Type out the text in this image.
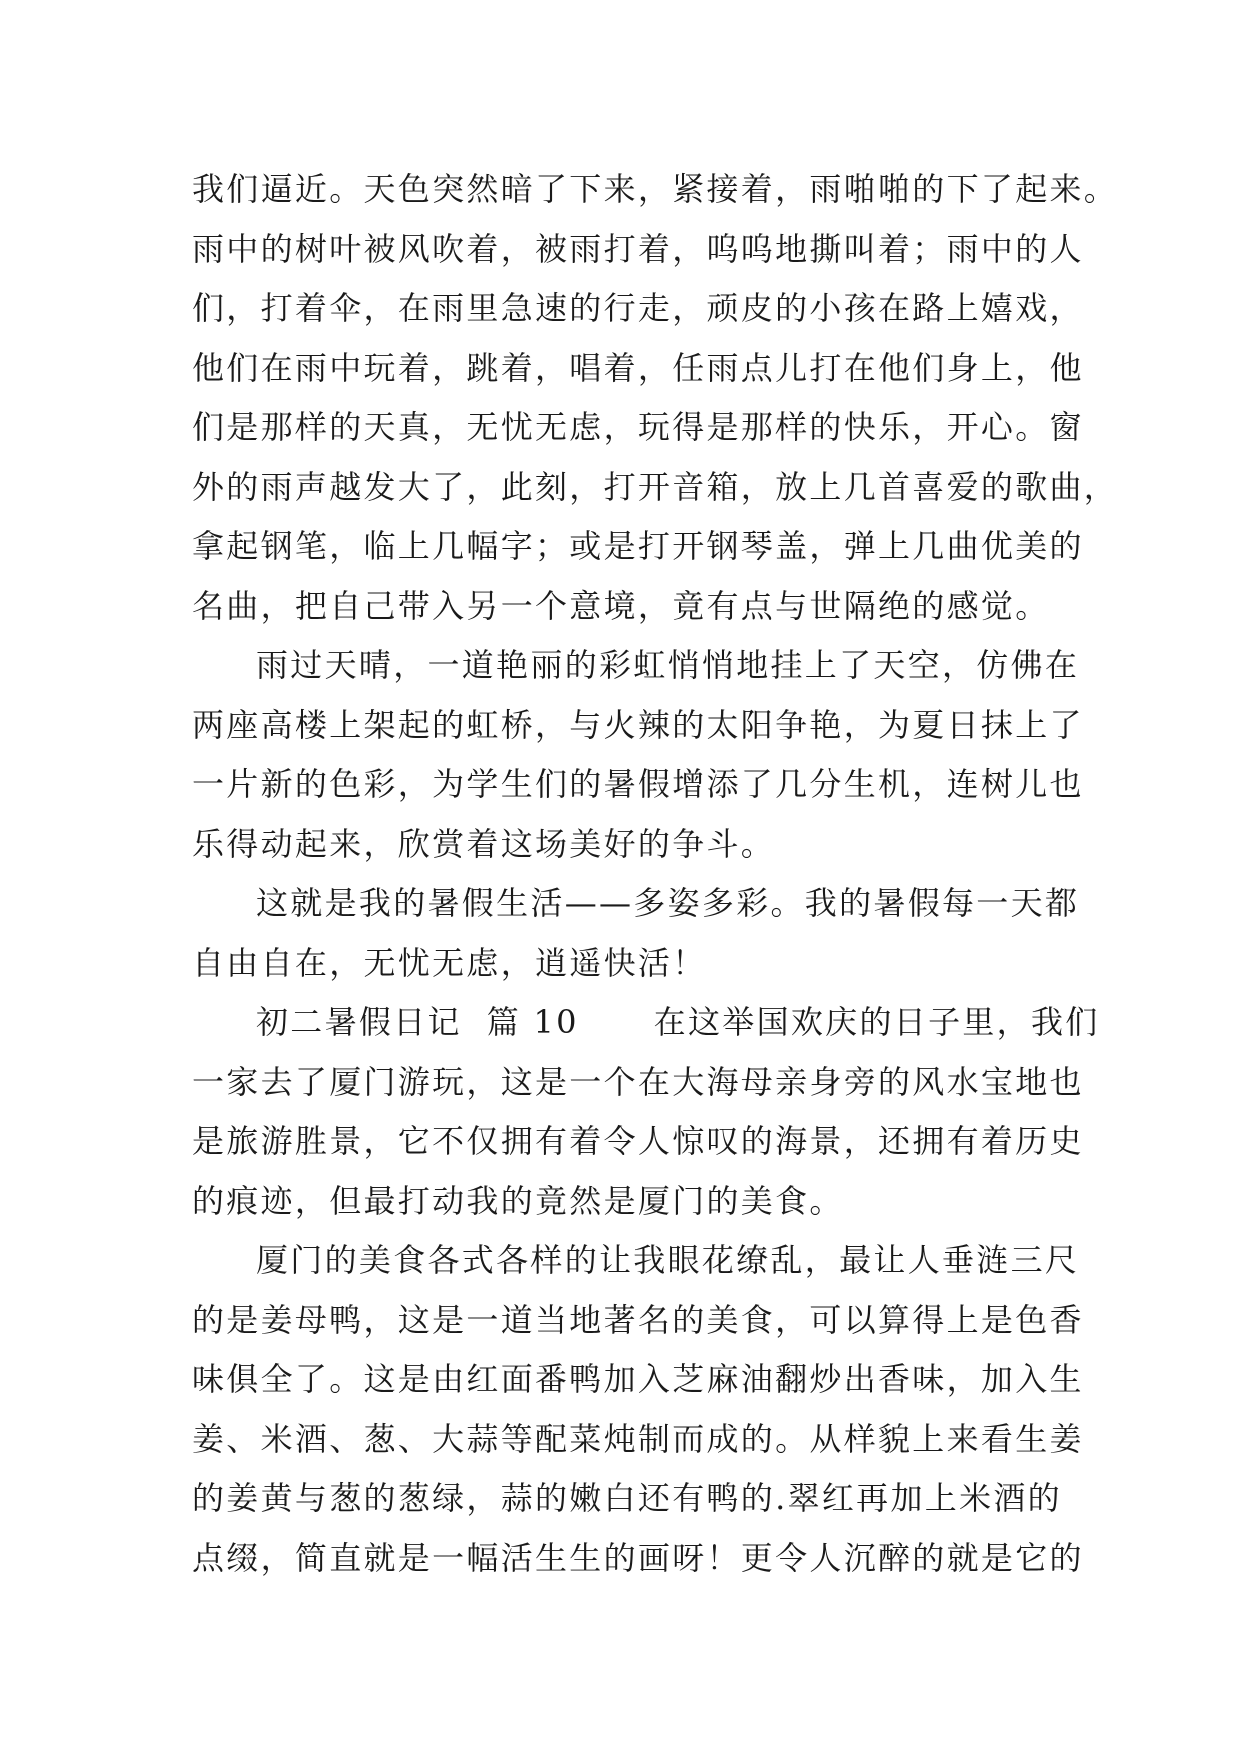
我们逼近。天色突然暗了下来，紧接着，雨啪啪的下了起来。
雨中的树叶被风吹着，被雨打着，呜呜地撕叫着；雨中的人
们，打着伞，在雨里急速的行走，顽皮的小孩在路上嬉戏，
他们在雨中玩着，跳着，唱着，任雨点儿打在他们身上，他
们是那样的天真，无忧无虑，玩得是那样的快乐，开心。窗
外的雨声越发大了，此刻，打开音箱，放上几首喜爱的歌曲，
拿起钢笔，临上几幅字；或是打开钢琴盖，弹上几曲优美的
名曲，把自己带入另一个意境，竟有点与世隔绝的感觉。
雨过天晴，一道艳丽的彩虹悄悄地挂上了天空，仿佛在
两座高楼上架起的虹桥，与火辣的太阳争艳，为夏日抹上了
一片新的色彩，为学生们的暑假增添了几分生机，连树儿也
乐得动起来，欣赏着这场美好的争斗。
这就是我的暑假生活——多姿多彩。我的暑假每一天都
自由自在，无忧无虑，逍遥快活！
初二暑假日记  篇 10      在这举国欢庆的日子里，我们
一家去了厦门游玩，这是一个在大海母亲身旁的风水宝地也
是旅游胜景，它不仅拥有着令人惊叹的海景，还拥有着历史
的痕迹，但最打动我的竟然是厦门的美食。
厦门的美食各式各样的让我眼花缭乱，最让人垂涟三尺
的是姜母鸭，这是一道当地著名的美食，可以算得上是色香
味俱全了。这是由红面番鸭加入芝麻油翻炒出香味，加入生
姜、米酒、葱、大蒜等配菜炖制而成的。从样貌上来看生姜
的姜黄与葱的葱绿，蒜的嫩白还有鸭的.翠红再加上米酒的
点缀，简直就是一幅活生生的画呀！更令人沉醉的就是它的
